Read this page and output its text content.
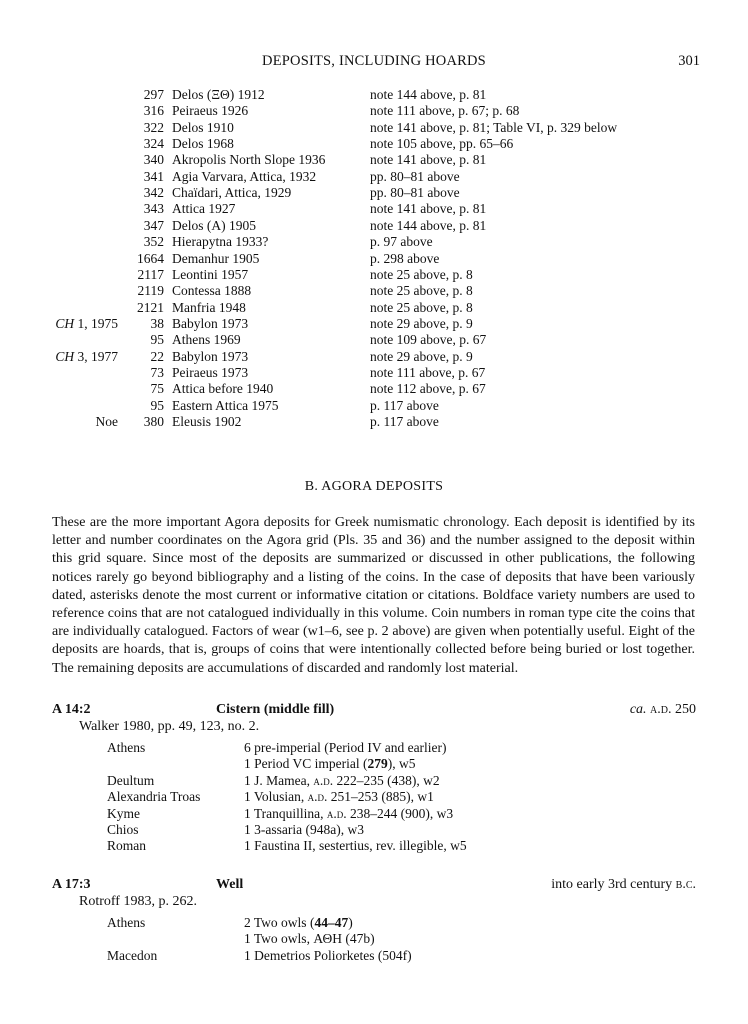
DEPOSITS, INCLUDING HOARDS	301
297 Delos (ΞΘ) 1912	note 144 above, p. 81
316 Peiraeus 1926	note 111 above, p. 67; p. 68
322 Delos 1910	note 141 above, p. 81; Table VI, p. 329 below
324 Delos 1968	note 105 above, pp. 65–66
340 Akropolis North Slope 1936	note 141 above, p. 81
341 Agia Varvara, Attica, 1932	pp. 80–81 above
342 Chaïdari, Attica, 1929	pp. 80–81 above
343 Attica 1927	note 141 above, p. 81
347 Delos (A) 1905	note 144 above, p. 81
352 Hierapytna 1933?	p. 97 above
1664 Demanhur 1905	p. 298 above
2117 Leontini 1957	note 25 above, p. 8
2119 Contessa 1888	note 25 above, p. 8
2121 Manfria 1948	note 25 above, p. 8
CH 1, 1975 38 Babylon 1973	note 29 above, p. 9
95 Athens 1969	note 109 above, p. 67
CH 3, 1977 22 Babylon 1973	note 29 above, p. 9
73 Peiraeus 1973	note 111 above, p. 67
75 Attica before 1940	note 112 above, p. 67
95 Eastern Attica 1975	p. 117 above
Noe 380 Eleusis 1902	p. 117 above
B. AGORA DEPOSITS
These are the more important Agora deposits for Greek numismatic chronology. Each deposit is identified by its letter and number coordinates on the Agora grid (Pls. 35 and 36) and the number assigned to the deposit within this grid square. Since most of the deposits are summarized or discussed in other publications, the following notices rarely go beyond bibliography and a listing of the coins. In the case of deposits that have been variously dated, asterisks denote the most current or informative citation or citations. Boldface variety numbers are used to reference coins that are not catalogued individually in this volume. Coin numbers in roman type cite the coins that are individually catalogued. Factors of wear (w1–6, see p. 2 above) are given when potentially useful. Eight of the deposits are hoards, that is, groups of coins that were intentionally collected before being buried or lost together. The remaining deposits are accumulations of discarded and randomly lost material.
A 14:2	Cistern (middle fill)	ca. a.d. 250
Walker 1980, pp. 49, 123, no. 2.
Athens	6 pre-imperial (Period IV and earlier)
1 Period VC imperial (279), w5
Deultum	1 J. Mamea, a.d. 222–235 (438), w2
Alexandria Troas	1 Volusian, a.d. 251–253 (885), w1
Kyme	1 Tranquillina, a.d. 238–244 (900), w3
Chios	1 3-assaria (948a), w3
Roman	1 Faustina II, sestertius, rev. illegible, w5
A 17:3	Well	into early 3rd century b.c.
Rotroff 1983, p. 262.
Athens	2 Two owls (44–47)
1 Two owls, ΑΘΗ (47b)
Macedon	1 Demetrios Poliorketes (504f)
